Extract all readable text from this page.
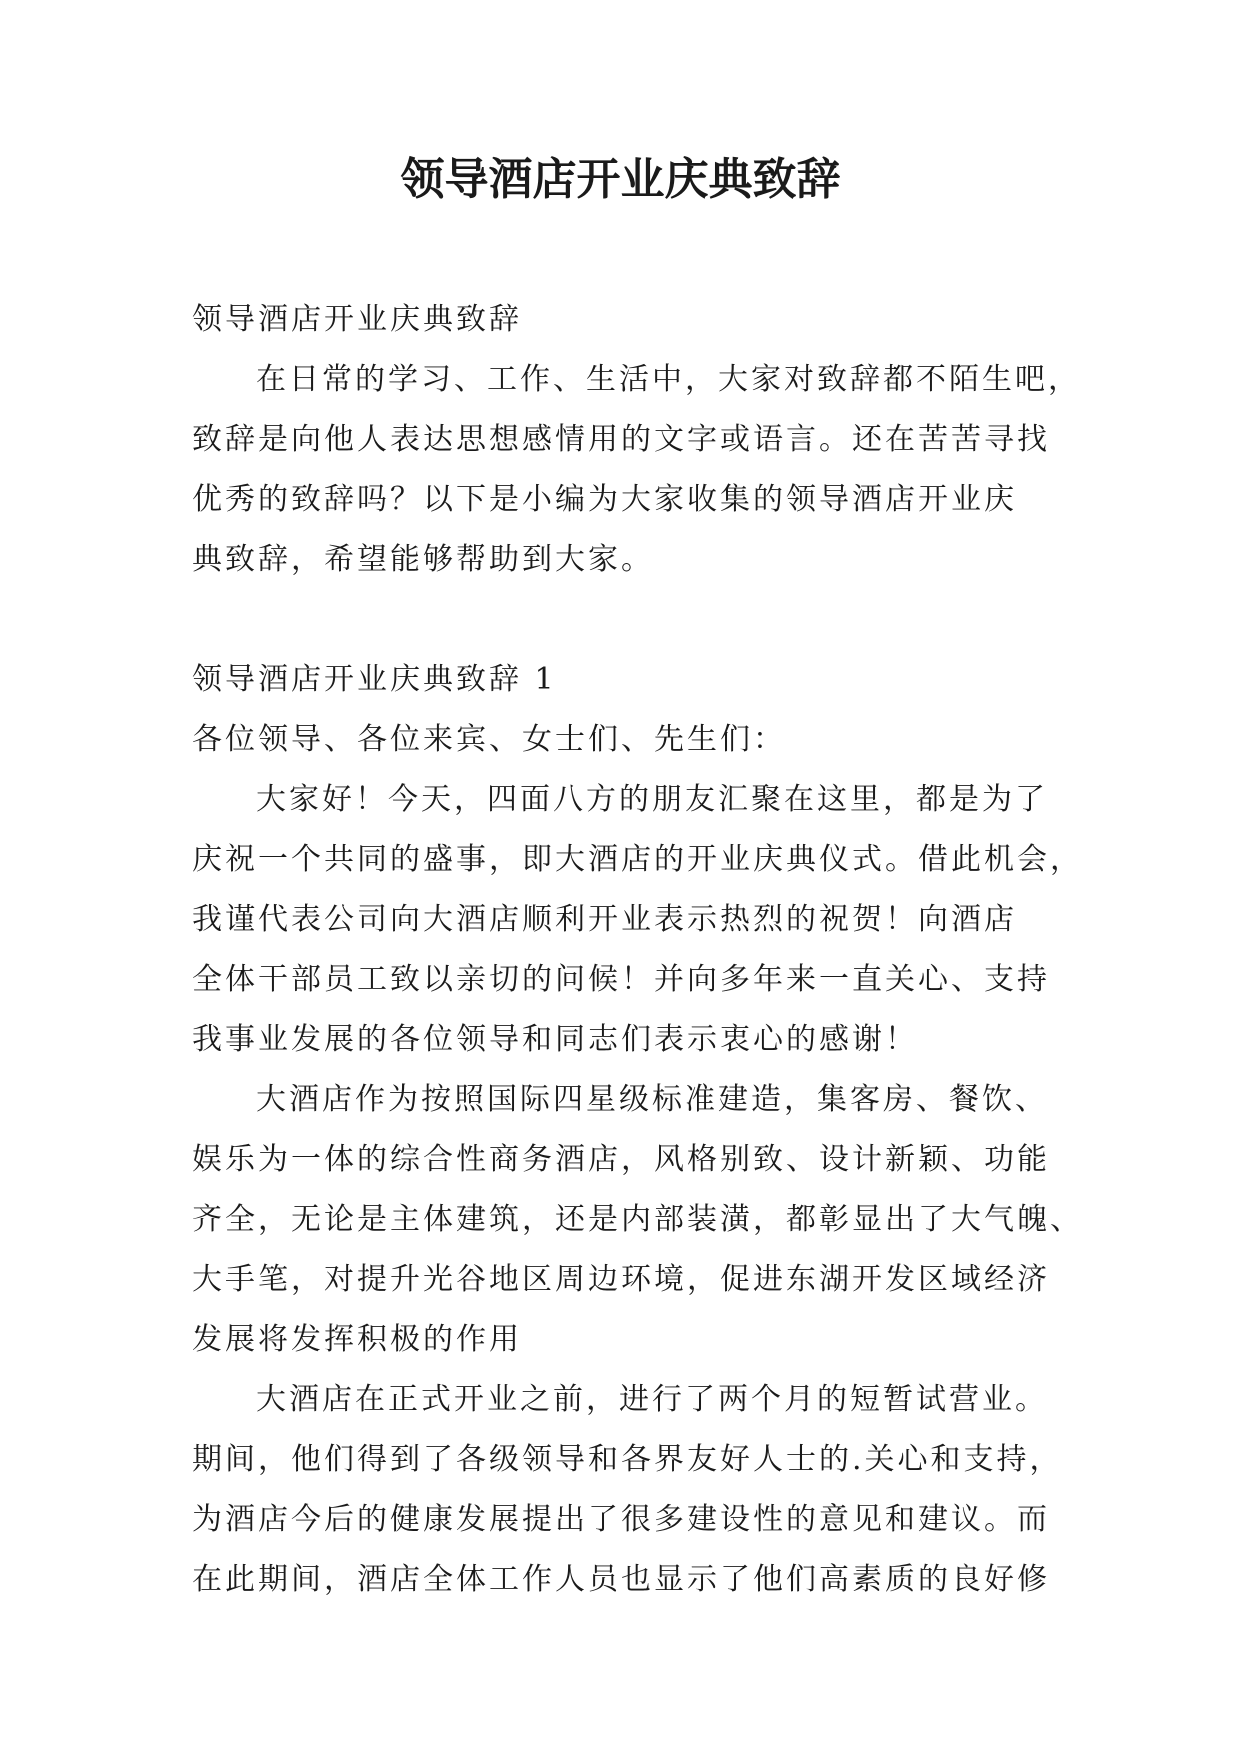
领导酒店开业庆典致辞

领导酒店开业庆典致辞

在日常的学习、工作、生活中，大家对致辞都不陌生吧，

致辞是向他人表达思想感情用的文字或语言。还在苦苦寻找

优秀的致辞吗？以下是小编为大家收集的领导酒店开业庆

典致辞，希望能够帮助到大家。

领导酒店开业庆典致辞 1

各位领导、各位来宾、女士们、先生们：

大家好！今天，四面八方的朋友汇聚在这里，都是为了

庆祝一个共同的盛事，即大酒店的开业庆典仪式。借此机会，

我谨代表公司向大酒店顺利开业表示热烈的祝贺！向酒店

全体干部员工致以亲切的问候！并向多年来一直关心、支持

我事业发展的各位领导和同志们表示衷心的感谢！

大酒店作为按照国际四星级标准建造，集客房、餐饮、

娱乐为一体的综合性商务酒店，风格别致、设计新颖、功能

齐全，无论是主体建筑，还是内部装潢，都彰显出了大气魄、

大手笔，对提升光谷地区周边环境，促进东湖开发区域经济

发展将发挥积极的作用

大酒店在正式开业之前，进行了两个月的短暂试营业。

期间，他们得到了各级领导和各界友好人士的.关心和支持，

为酒店今后的健康发展提出了很多建设性的意见和建议。而

在此期间，酒店全体工作人员也显示了他们高素质的良好修
